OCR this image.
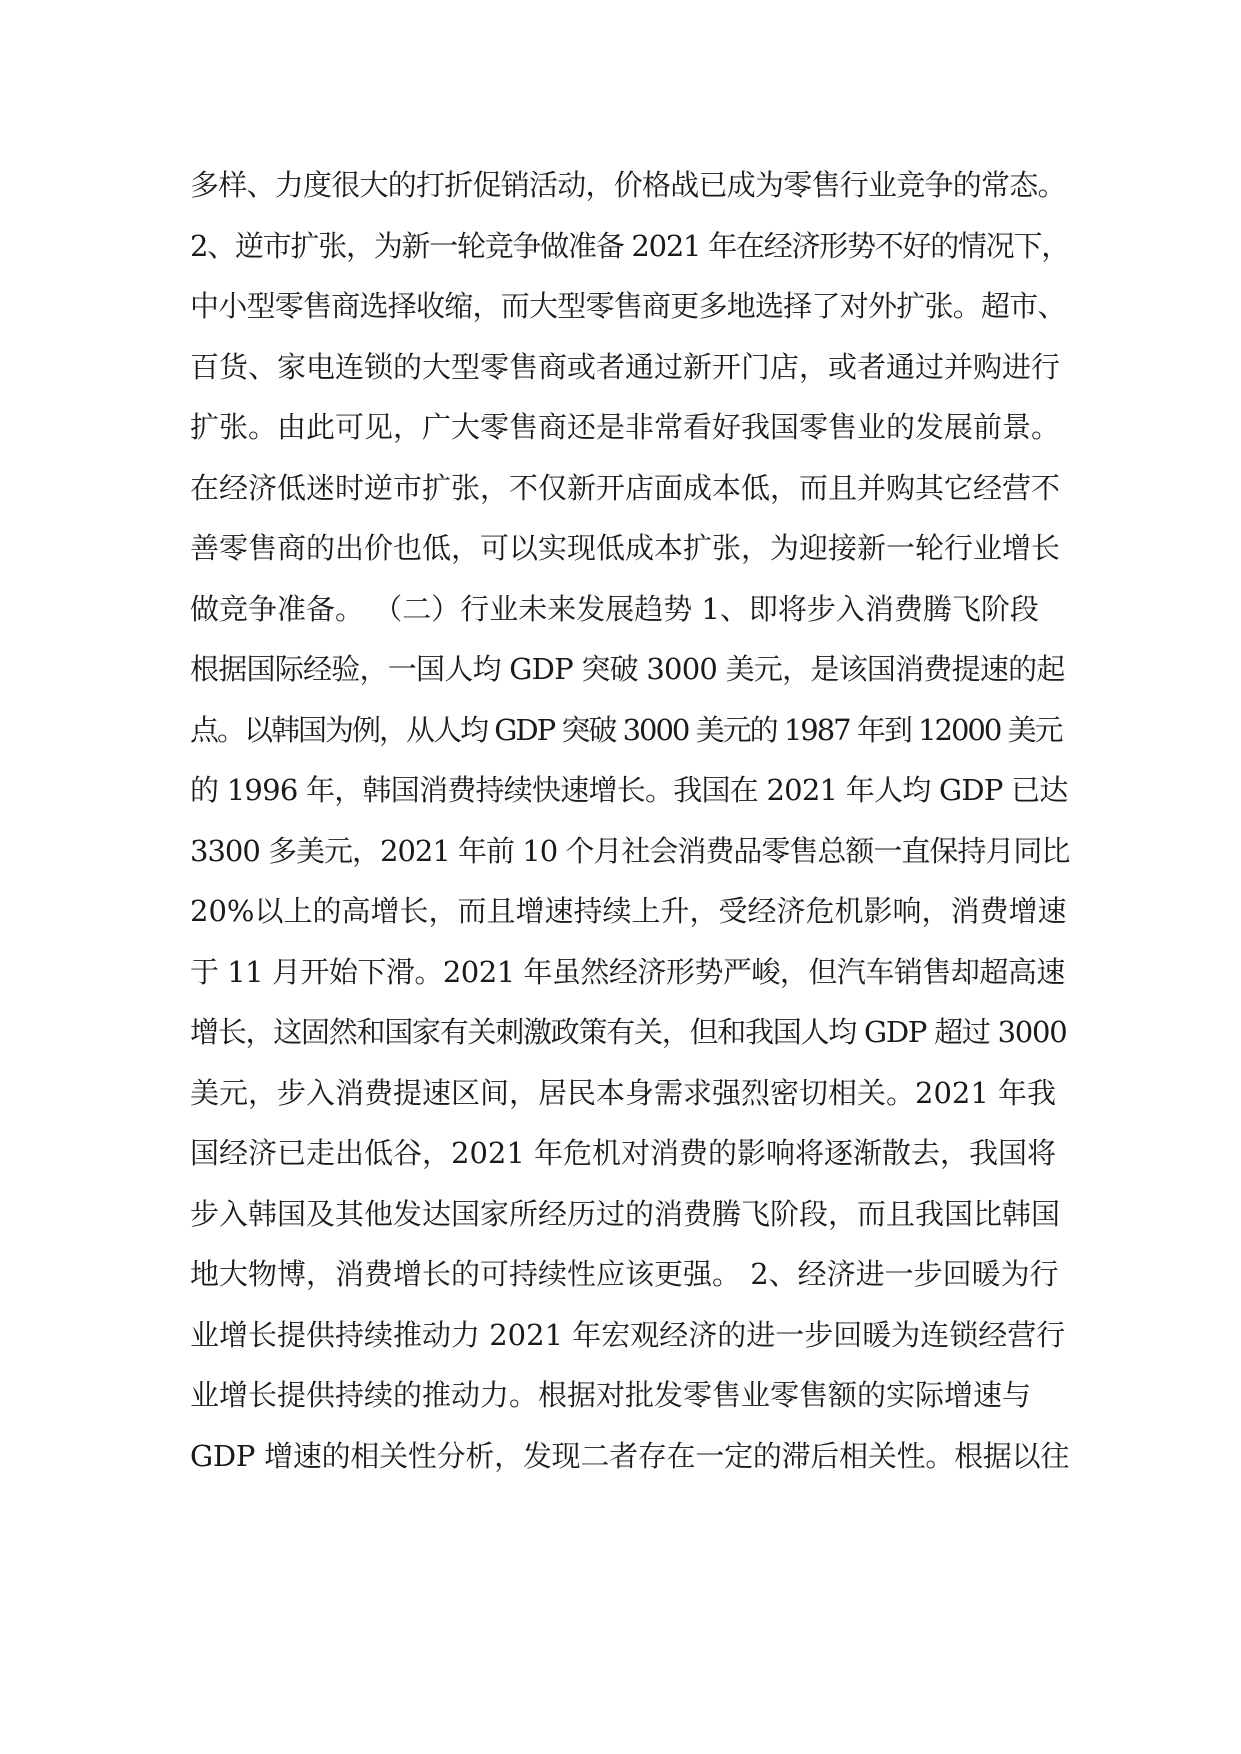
多样、力度很大的打折促销活动，价格战已成为零售行业竞争的常态。
2、逆市扩张，为新一轮竞争做准备 2021 年在经济形势不好的情况下，
中小型零售商选择收缩，而大型零售商更多地选择了对外扩张。超市、
百货、家电连锁的大型零售商或者通过新开门店，或者通过并购进行
扩张。由此可见，广大零售商还是非常看好我国零售业的发展前景。
在经济低迷时逆市扩张，不仅新开店面成本低，而且并购其它经营不
善零售商的出价也低，可以实现低成本扩张，为迎接新一轮行业增长
做竞争准备。 （二）行业未来发展趋势 1、即将步入消费腾飞阶段
根据国际经验，一国人均 GDP 突破 3000 美元，是该国消费提速的起
点。以韩国为例，从人均 GDP 突破 3000 美元的 1987 年到 12000 美元
的 1996 年，韩国消费持续快速增长。我国在 2021 年人均 GDP 已达
3300 多美元，2021 年前 10 个月社会消费品零售总额一直保持月同比
20%以上的高增长，而且增速持续上升，受经济危机影响，消费增速
于 11 月开始下滑。2021 年虽然经济形势严峻，但汽车销售却超高速
增长，这固然和国家有关刺激政策有关，但和我国人均 GDP 超过 3000
美元，步入消费提速区间，居民本身需求强烈密切相关。2021 年我
国经济已走出低谷，2021 年危机对消费的影响将逐渐散去，我国将
步入韩国及其他发达国家所经历过的消费腾飞阶段，而且我国比韩国
地大物博，消费增长的可持续性应该更强。 2、经济进一步回暖为行
业增长提供持续推动力 2021 年宏观经济的进一步回暖为连锁经营行
业增长提供持续的推动力。根据对批发零售业零售额的实际增速与
GDP 增速的相关性分析，发现二者存在一定的滞后相关性。根据以往
